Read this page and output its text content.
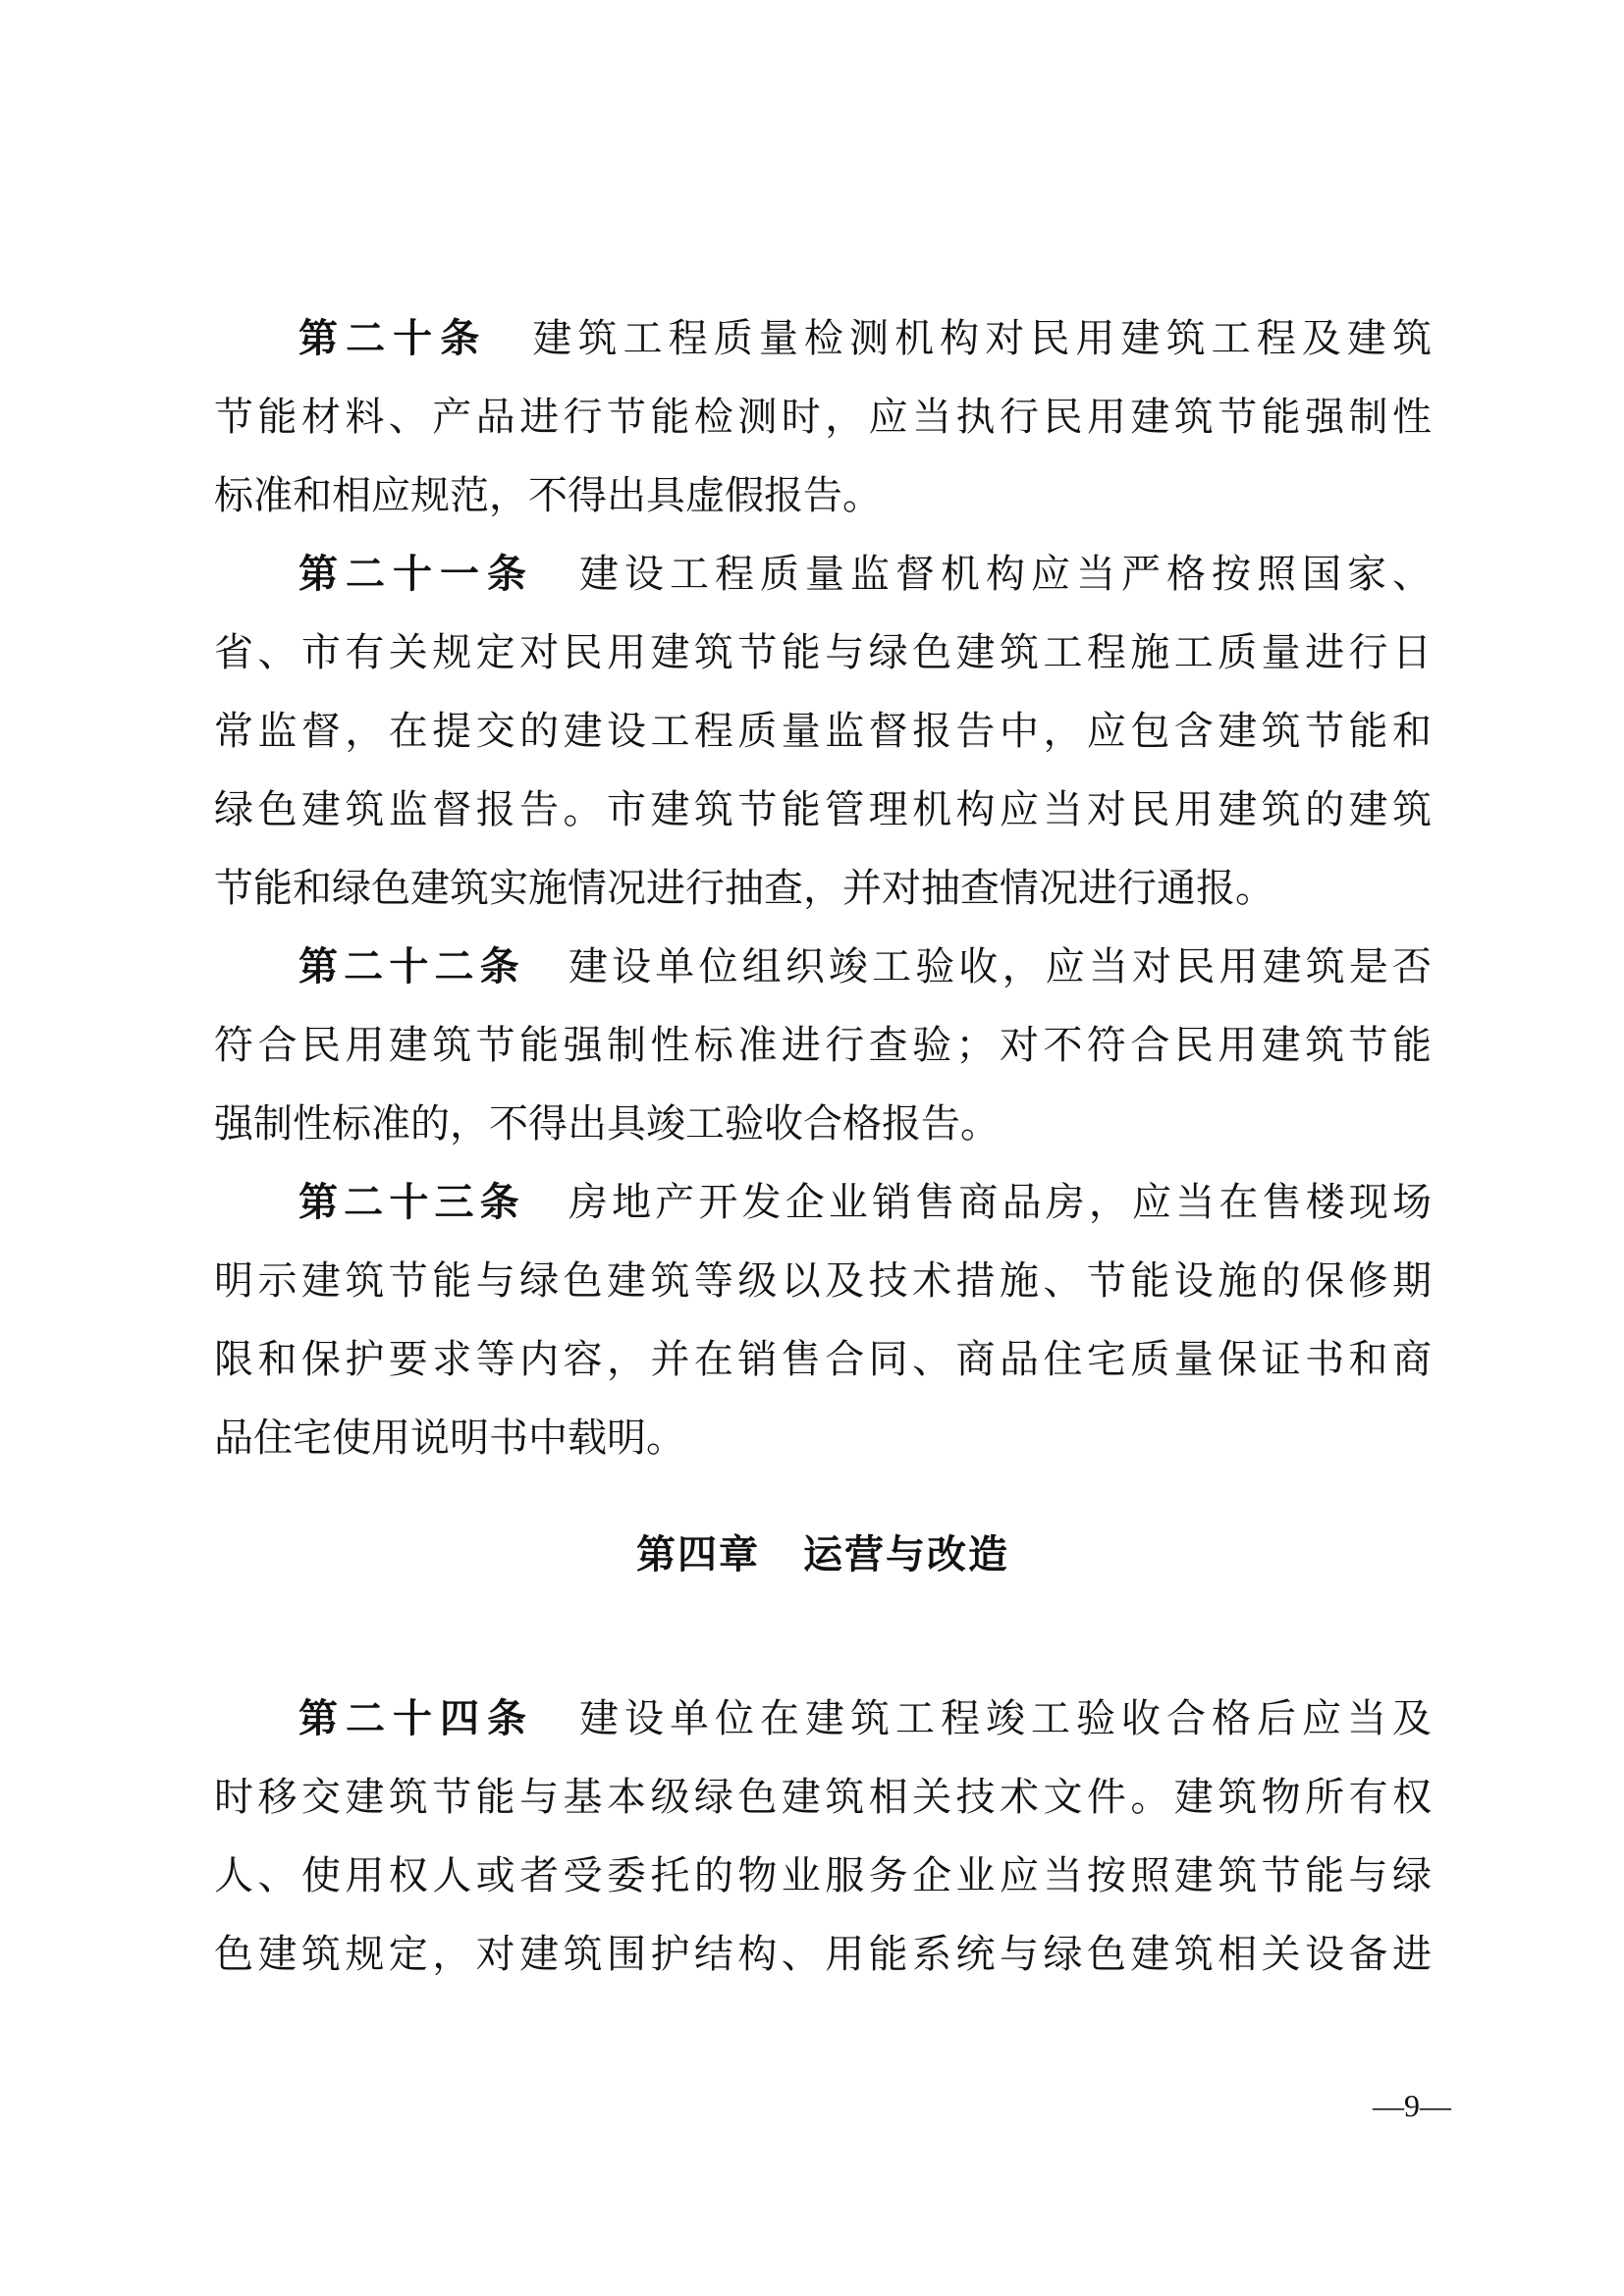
第二十条 建筑工程质量检测机构对民用建筑工程及建筑
节能材料、产品进行节能检测时，应当执行民用建筑节能强制性
标准和相应规范，不得出具虚假报告。
第二十一条 建设工程质量监督机构应当严格按照国家、
省、市有关规定对民用建筑节能与绿色建筑工程施工质量进行日
常监督，在提交的建设工程质量监督报告中，应包含建筑节能和
绿色建筑监督报告。市建筑节能管理机构应当对民用建筑的建筑
节能和绿色建筑实施情况进行抽查，并对抽查情况进行通报。
第二十二条 建设单位组织竣工验收，应当对民用建筑是否
符合民用建筑节能强制性标准进行查验；对不符合民用建筑节能
强制性标准的，不得出具竣工验收合格报告。
第二十三条 房地产开发企业销售商品房，应当在售楼现场
明示建筑节能与绿色建筑等级以及技术措施、节能设施的保修期
限和保护要求等内容，并在销售合同、商品住宅质量保证书和商
品住宅使用说明书中载明。
第四章 运营与改造
第二十四条 建设单位在建筑工程竣工验收合格后应当及
时移交建筑节能与基本级绿色建筑相关技术文件。建筑物所有权
人、使用权人或者受委托的物业服务企业应当按照建筑节能与绿
色建筑规定，对建筑围护结构、用能系统与绿色建筑相关设备进
—9—
